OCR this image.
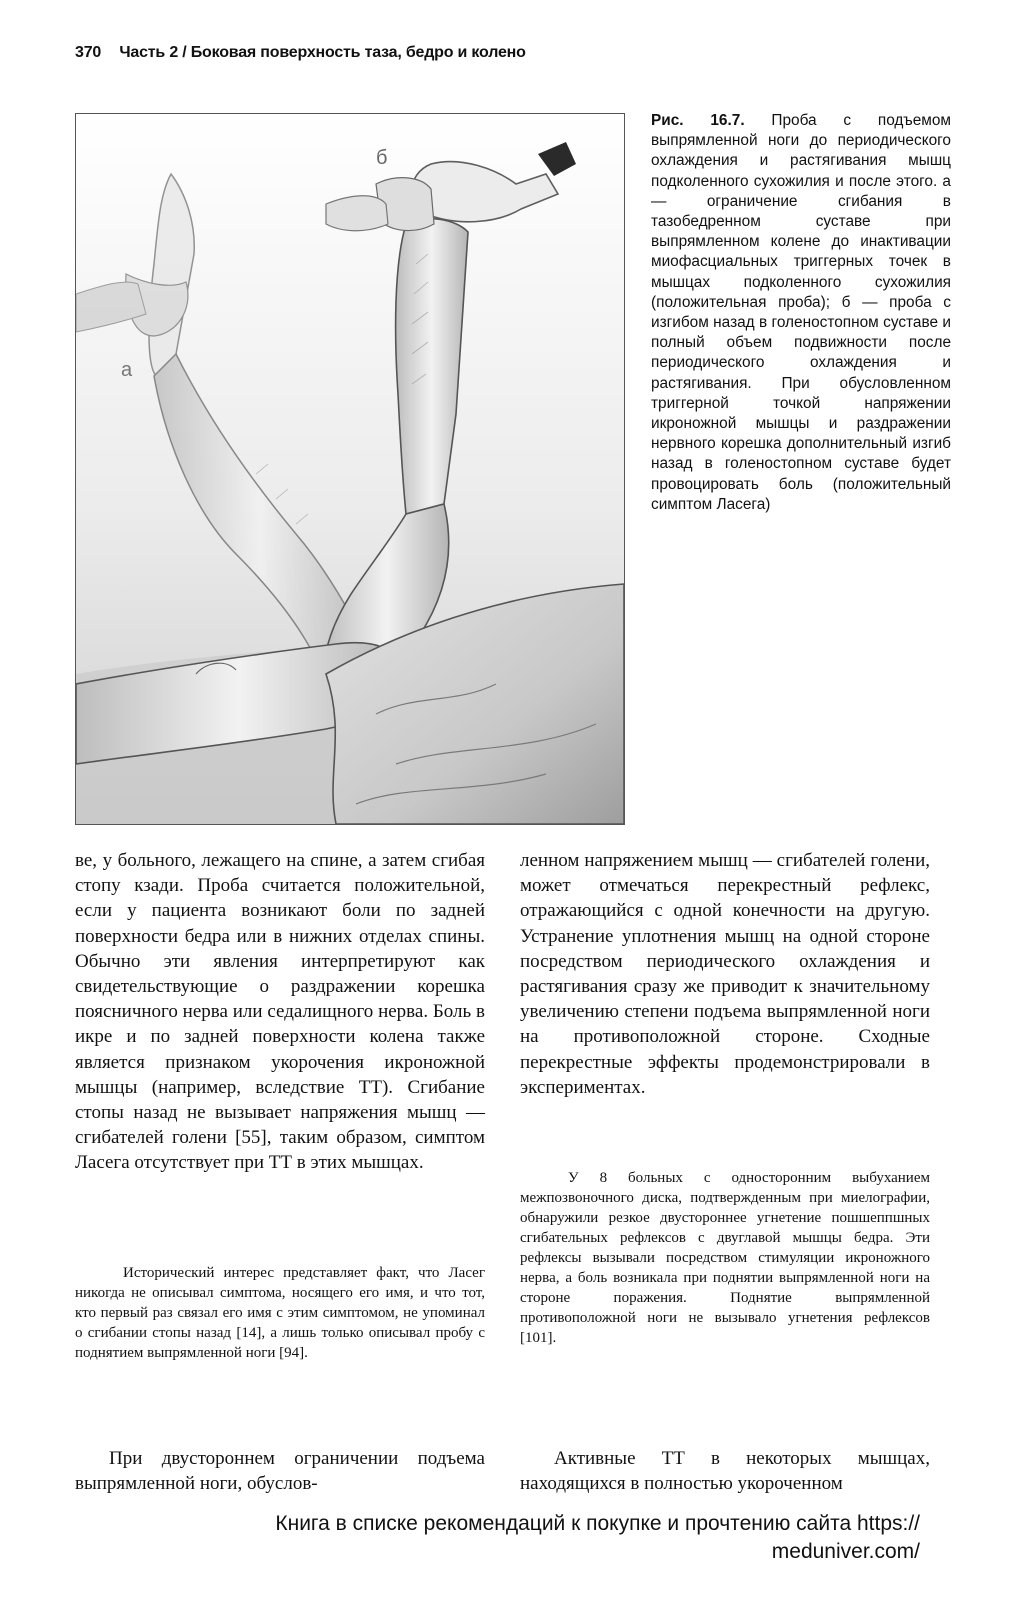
370 Часть 2 / Боковая поверхность таза, бедро и колено
б
а
Рис. 16.7. Проба с подъемом выпрямленной ноги до периодического охлаждения и растягивания мышц подколенного сухожилия и после этого. а — ограничение сгибания в тазобедренном суставе при выпрямленном колене до инактивации миофасциальных триггерных точек в мышцах подколенного сухожилия (положительная проба); б — проба с изгибом назад в голеностопном суставе и полный объем подвижности после периодического охлаждения и растягивания. При обусловленном триггерной точкой напряжении икроножной мышцы и раздражении нервного корешка дополнительный изгиб назад в голеностопном суставе будет провоцировать боль (положительный симптом Ласега)

ве, у больного, лежащего на спине, а затем сгибая стопу кзади. Проба считается положительной, если у пациента возникают боли по задней поверхности бедра или в нижних отделах спины. Обычно эти явления интерпретируют как свидетельствующие о раздражении корешка поясничного нерва или седалищного нерва. Боль в икре и по задней поверхности колена также является признаком укорочения икроножной мышцы (например, вследствие ТТ). Сгибание стопы назад не вызывает напряжения мышц — сгибателей голени [55], таким образом, симптом Ласега отсутствует при ТТ в этих мышцах.

Исторический интерес представляет факт, что Ласег никогда не описывал симптома, носящего его имя, и что тот, кто первый раз связал его имя с этим симптомом, не упоминал о сгибании стопы назад [14], а лишь только описывал пробу с поднятием выпрямленной ноги [94].

При двустороннем ограничении подъема выпрямленной ноги, обуслов-

ленном напряжением мышц — сгибателей голени, может отмечаться перекрестный рефлекс, отражающийся с одной конечности на другую. Устранение уплотнения мышц на одной стороне посредством периодического охлаждения и растягивания сразу же приводит к значительному увеличению степени подъема выпрямленной ноги на противоположной стороне. Сходные перекрестные эффекты продемонстрировали в экспериментах.

У 8 больных с односторонним выбуханием межпозвоночного диска, подтвержденным при миелографии, обнаружили резкое двустороннее угнетение пошшеппшных сгибательных рефлексов с двуглавой мышцы бедра. Эти рефлексы вызывали посредством стимуляции икроножного нерва, а боль возникала при поднятии выпрямленной ноги на стороне поражения. Поднятие выпрямленной противоположной ноги не вызывало угнетения рефлексов [101].

Активные ТТ в некоторых мышцах, находящихся в полностью укороченном

Книга в списке рекомендаций к покупке и прочтению сайта https:// meduniver.com/
